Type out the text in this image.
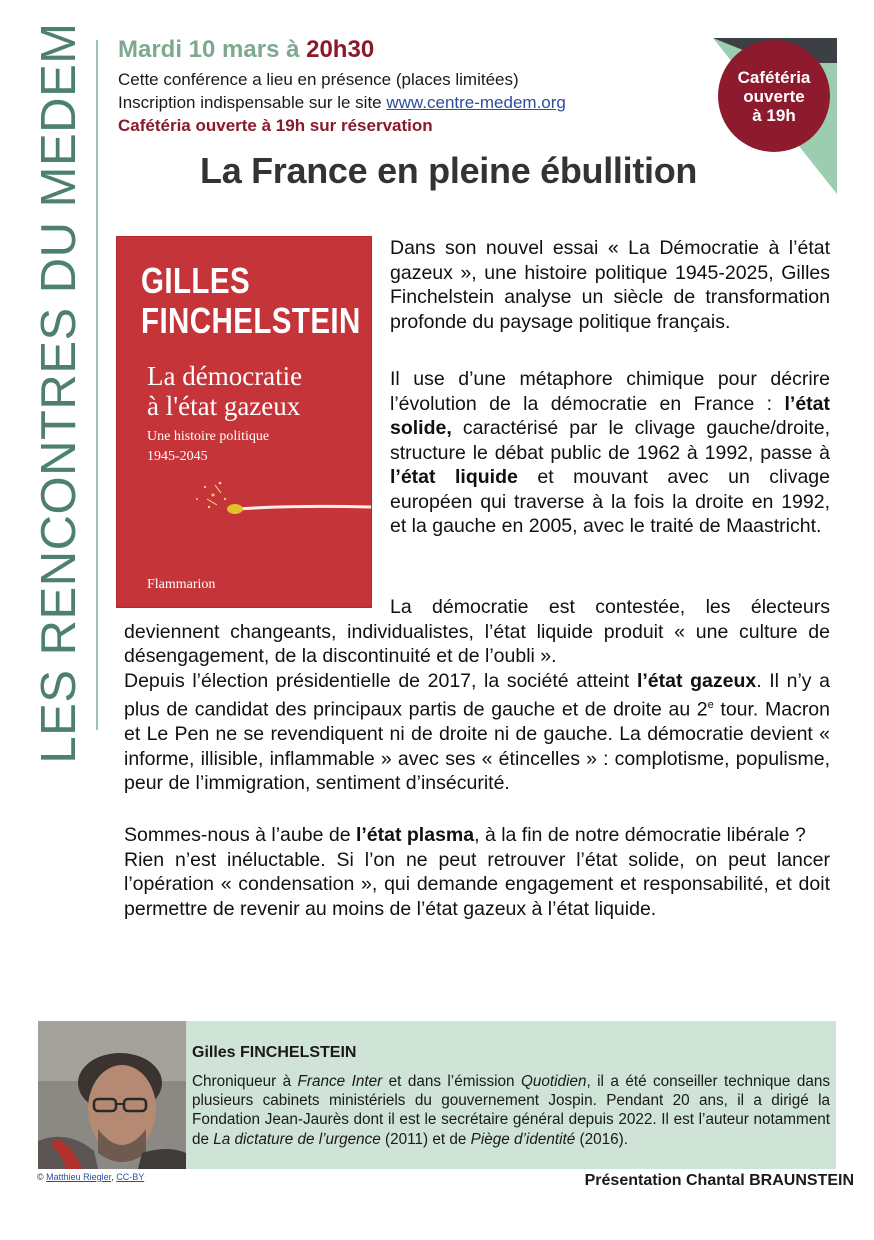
LES RENCONTRES DU MEDEM Mardi 10 mars à 20h30
Cette conférence a lieu en présence (places limitées)
Inscription indispensable sur le site www.centre-medem.org
Cafétéria ouverte à 19h sur réservation
Cafétéria
ouverte
à 19h
La France en pleine ébullition
GILLES
FINCHELSTEIN
La démocratie
à l'état gazeux
Une histoire politique
1945-2045
Flammarion

Dans son nouvel essai « La Démocratie à l’état gazeux », une histoire politique 1945-2025, Gilles Finchelstein analyse un siècle de transformation profonde du paysage politique français.

Il use d’une métaphore chimique pour décrire l’évolution de la démocratie en France : l’état solide, caractérisé par le clivage gauche/droite, structure le débat public de 1962 à 1992, passe à l’état liquide et mouvant avec un clivage européen qui traverse à la fois la droite en 1992, et la gauche en 2005, avec le traité de Maastricht.

La démocratie est contestée, les électeurs deviennent changeants, individualistes, l’état liquide produit « une culture de désengagement, de la discontinuité et de l’oubli ».

Depuis l’élection présidentielle de 2017, la société atteint l’état gazeux. Il n’y a plus de candidat des principaux partis de gauche et de droite au 2e tour. Macron et Le Pen ne se revendiquent ni de droite ni de gauche. La démocratie devient « informe, illisible, inflammable » avec ses « étincelles » : complotisme, populisme, peur de l’immigration, sentiment d’insécurité.

Sommes-nous à l’aube de l’état plasma, à la fin de notre démocratie libérale ?

Rien n’est inéluctable. Si l’on ne peut retrouver l’état solide, on peut lancer l’opération « condensation », qui demande engagement et responsabilité, et doit permettre de revenir au moins de l’état gazeux à l’état liquide.

Gilles FINCHELSTEIN
Chroniqueur à France Inter et dans l’émission Quotidien, il a été conseiller technique dans plusieurs cabinets ministériels du gouvernement Jospin. Pendant 20 ans, il a dirigé la Fondation Jean-Jaurès dont il est le secrétaire général depuis 2022. Il est l’auteur notamment de La dictature de l’urgence (2011) et de Piège d’identité (2016).
© Matthieu Riegler, CC-BY	Présentation Chantal BRAUNSTEIN
